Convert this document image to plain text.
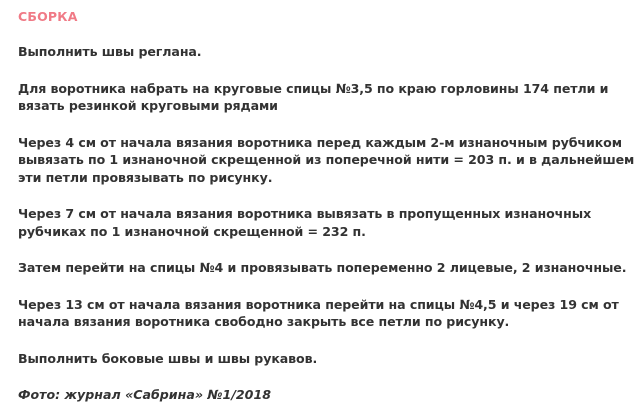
СБОРКА

Выполнить швы реглана.

Для воротника набрать на круговые спицы №3,5 по краю горловины 174 петли и вязать резинкой круговыми рядами

Через 4 см от начала вязания воротника перед каждым 2-м изнаночным рубчиком вывязать по 1 изнаночной скрещенной из поперечной нити = 203 п. и в дальнейшем эти петли провязывать по рисунку.

Через 7 см от начала вязания воротника вывязать в пропущенных изнаночных рубчиках по 1 изнаночной скрещенной = 232 п.

Затем перейти на спицы №4 и провязывать попеременно 2 лицевые, 2 изнаночные.

Через 13 см от начала вязания воротника перейти на спицы №4,5 и через 19 см от начала вязания воротника свободно закрыть все петли по рисунку.

Выполнить боковые швы и швы рукавов.

Фото: журнал «Сабрина» №1/2018
